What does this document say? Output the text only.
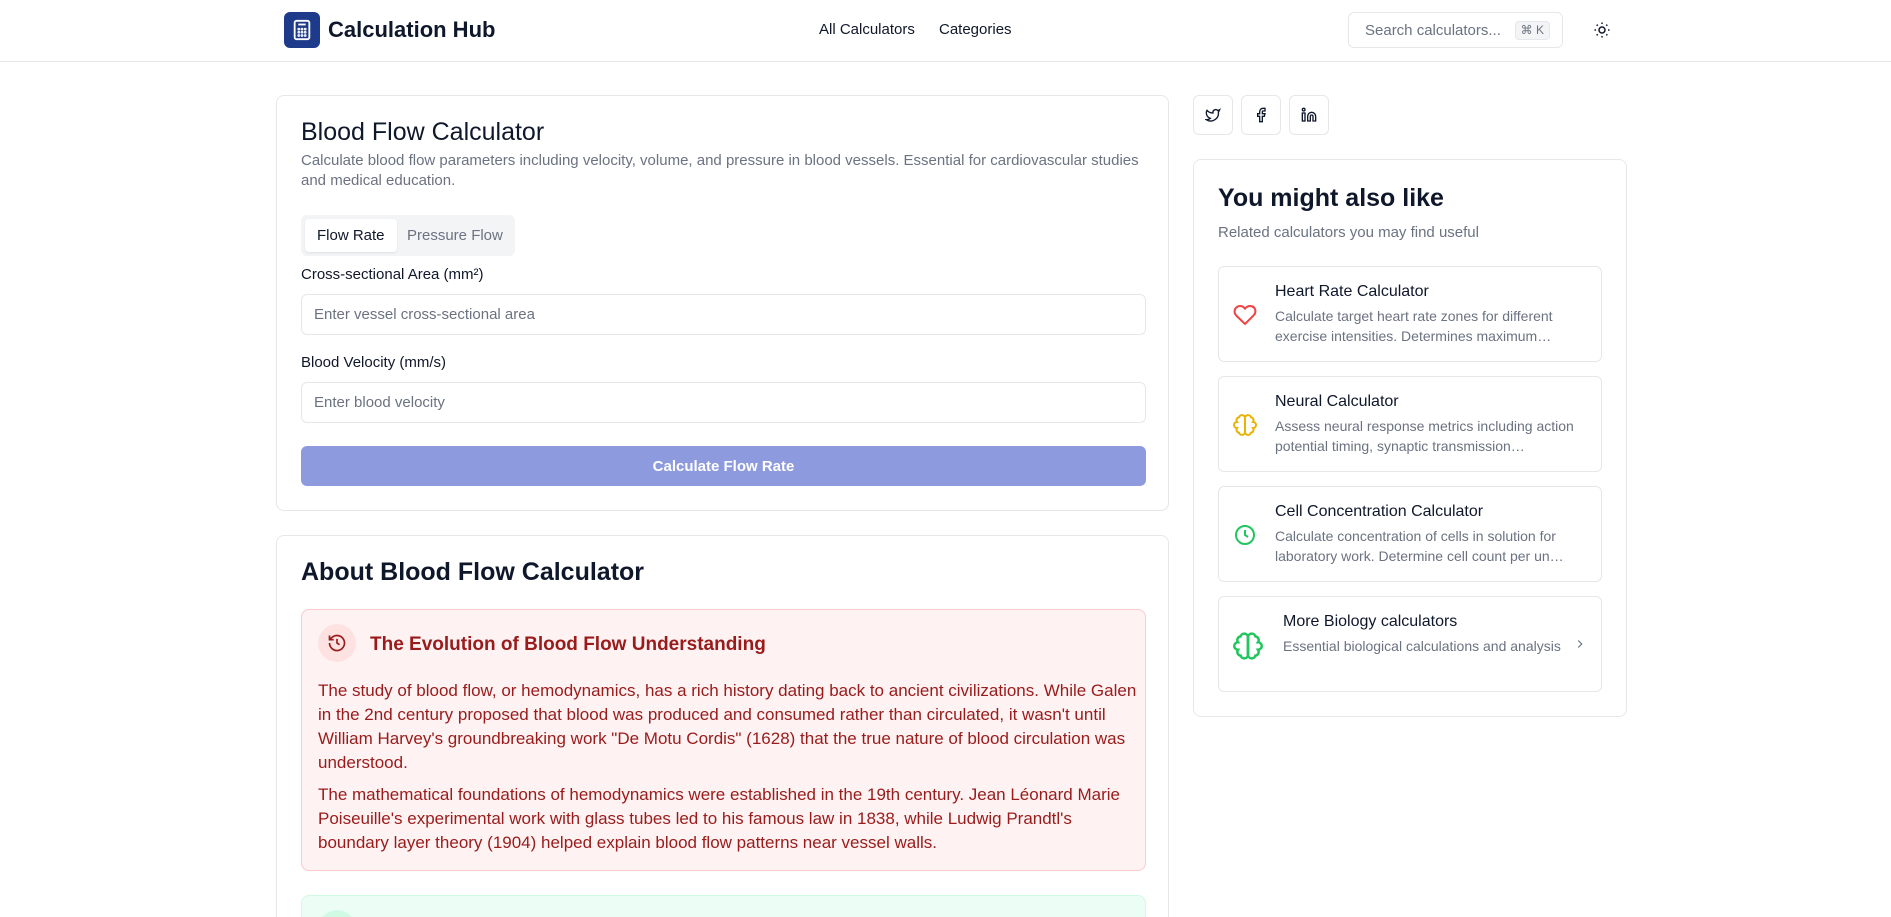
Calculation Hub	All Calculators Categories	Search calculators...	⌘ K
Blood Flow Calculator

Calculate blood flow parameters including velocity, volume, and pressure in blood vessels. Essential for cardiovascular studies and medical education.

Flow Rate	Pressure Flow
Cross-sectional Area (mm²)
Enter vessel cross-sectional area
Blood Velocity (mm/s)
Enter blood velocity
Calculate Flow Rate
About Blood Flow Calculator
The Evolution of Blood Flow Understanding

The study of blood flow, or hemodynamics, has a rich history dating back to ancient civilizations. While Galen in the 2nd century proposed that blood was produced and consumed rather than circulated, it wasn't until William Harvey's groundbreaking work "De Motu Cordis" (1628) that the true nature of blood circulation was understood.

The mathematical foundations of hemodynamics were established in the 19th century. Jean Léonard Marie Poiseuille's experimental work with glass tubes led to his famous law in 1838, while Ludwig Prandtl's boundary layer theory (1904) helped explain blood flow patterns near vessel walls.

You might also like

Related calculators you may find useful

Heart Rate Calculator
Calculate target heart rate zones for different exercise intensities. Determines maximum…
Neural Calculator
Assess neural response metrics including action potential timing, synaptic transmission…
Cell Concentration Calculator
Calculate concentration of cells in solution for laboratory work. Determine cell count per un…
More Biology calculators
Essential biological calculations and analysis
